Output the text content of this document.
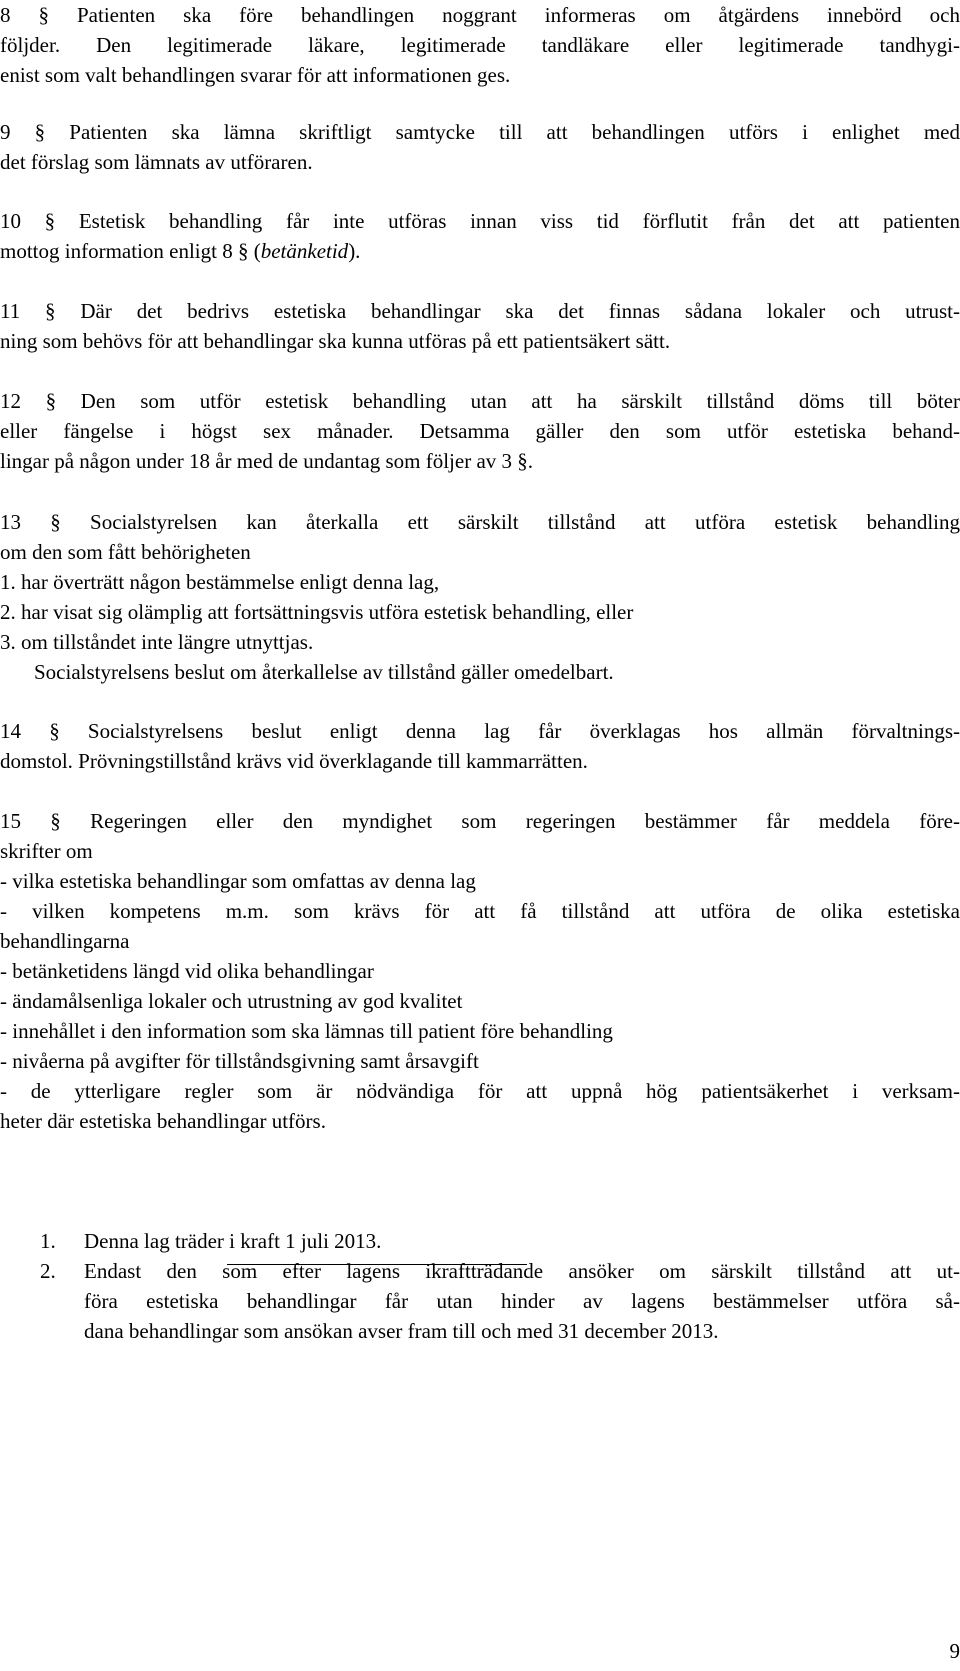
8 § Patienten ska före behandlingen noggrant informeras om åtgärdens innebörd och
följder. Den legitimerade läkare, legitimerade tandläkare eller legitimerade tandhygi-
enist som valt behandlingen svarar för att informationen ges.
9 § Patienten ska lämna skriftligt samtycke till att behandlingen utförs i enlighet med
det förslag som lämnats av utföraren.
10 § Estetisk behandling får inte utföras innan viss tid förflutit från det att patienten
mottog information enligt 8 § (betänketid).
11 § Där det bedrivs estetiska behandlingar ska det finnas sådana lokaler och utrust-
ning som behövs för att behandlingar ska kunna utföras på ett patientsäkert sätt.
12 § Den som utför estetisk behandling utan att ha särskilt tillstånd döms till böter
eller fängelse i högst sex månader. Detsamma gäller den som utför estetiska behand-
lingar på någon under 18 år med de undantag som följer av 3 §.
13 § Socialstyrelsen kan återkalla ett särskilt tillstånd att utföra estetisk behandling
om den som fått behörigheten
1. har överträtt någon bestämmelse enligt denna lag,
2. har visat sig olämplig att fortsättningsvis utföra estetisk behandling, eller
3. om tillståndet inte längre utnyttjas.
Socialstyrelsens beslut om återkallelse av tillstånd gäller omedelbart.
14 § Socialstyrelsens beslut enligt denna lag får överklagas hos allmän förvaltnings-
domstol. Prövningstillstånd krävs vid överklagande till kammarrätten.
15 § Regeringen eller den myndighet som regeringen bestämmer får meddela före-
skrifter om
- vilka estetiska behandlingar som omfattas av denna lag
- vilken kompetens m.m. som krävs för att få tillstånd att utföra de olika estetiska
behandlingarna
- betänketidens längd vid olika behandlingar
- ändamålsenliga lokaler och utrustning av god kvalitet
- innehållet i den information som ska lämnas till patient före behandling
- nivåerna på avgifter för tillståndsgivning samt årsavgift
- de ytterligare regler som är nödvändiga för att uppnå hög patientsäkerhet i verksam-
heter där estetiska behandlingar utförs.
1. Denna lag träder i kraft 1 juli 2013.
2. Endast den som efter lagens ikraftträdande ansöker om särskilt tillstånd att ut-
föra estetiska behandlingar får utan hinder av lagens bestämmelser utföra så-
dana behandlingar som ansökan avser fram till och med 31 december 2013.
9
